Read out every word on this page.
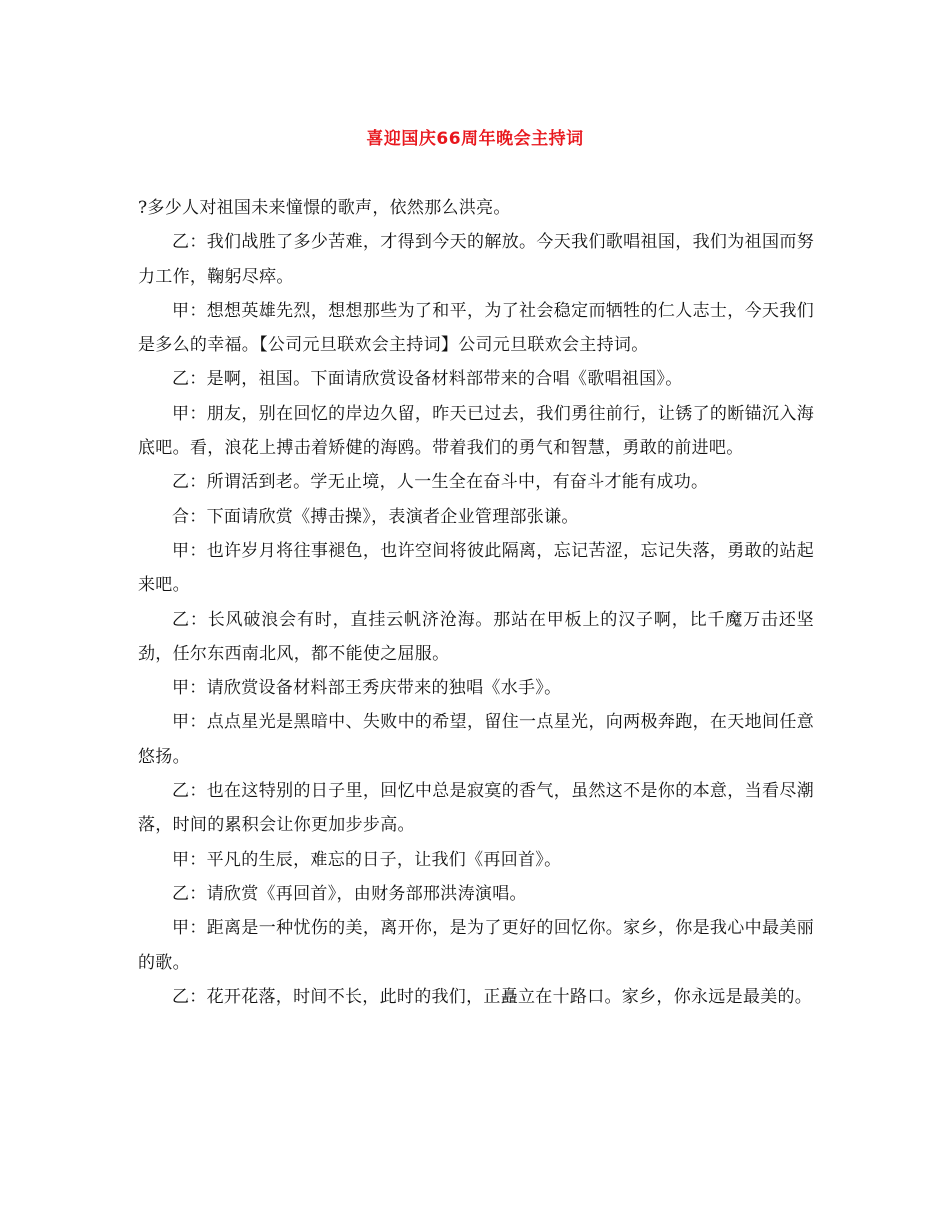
喜迎国庆66周年晚会主持词

?多少人对祖国未来憧憬的歌声，依然那么洪亮。

乙：我们战胜了多少苦难，才得到今天的解放。今天我们歌唱祖国，我们为祖国而努力工作，鞠躬尽瘁。

甲：想想英雄先烈，想想那些为了和平，为了社会稳定而牺牲的仁人志士，今天我们是多么的幸福。【公司元旦联欢会主持词】公司元旦联欢会主持词。

乙：是啊，祖国。下面请欣赏设备材料部带来的合唱《歌唱祖国》。

甲：朋友，别在回忆的岸边久留，昨天已过去，我们勇往前行，让锈了的断锚沉入海底吧。看，浪花上搏击着矫健的海鸥。带着我们的勇气和智慧，勇敢的前进吧。

乙：所谓活到老。学无止境，人一生全在奋斗中，有奋斗才能有成功。

合：下面请欣赏《搏击操》，表演者企业管理部张谦。

甲：也许岁月将往事褪色，也许空间将彼此隔离，忘记苦涩，忘记失落，勇敢的站起来吧。

乙：长风破浪会有时，直挂云帆济沧海。那站在甲板上的汉子啊，比千魔万击还坚劲，任尔东西南北风，都不能使之屈服。

甲：请欣赏设备材料部王秀庆带来的独唱《水手》。

甲：点点星光是黑暗中、失败中的希望，留住一点星光，向两极奔跑，在天地间任意悠扬。

乙：也在这特别的日子里，回忆中总是寂寞的香气，虽然这不是你的本意，当看尽潮落，时间的累积会让你更加步步高。

甲：平凡的生辰，难忘的日子，让我们《再回首》。

乙：请欣赏《再回首》，由财务部邢洪涛演唱。

甲：距离是一种忧伤的美，离开你，是为了更好的回忆你。家乡，你是我心中最美丽的歌。

乙：花开花落，时间不长，此时的我们，正矗立在十路口。家乡，你永远是最美的。
